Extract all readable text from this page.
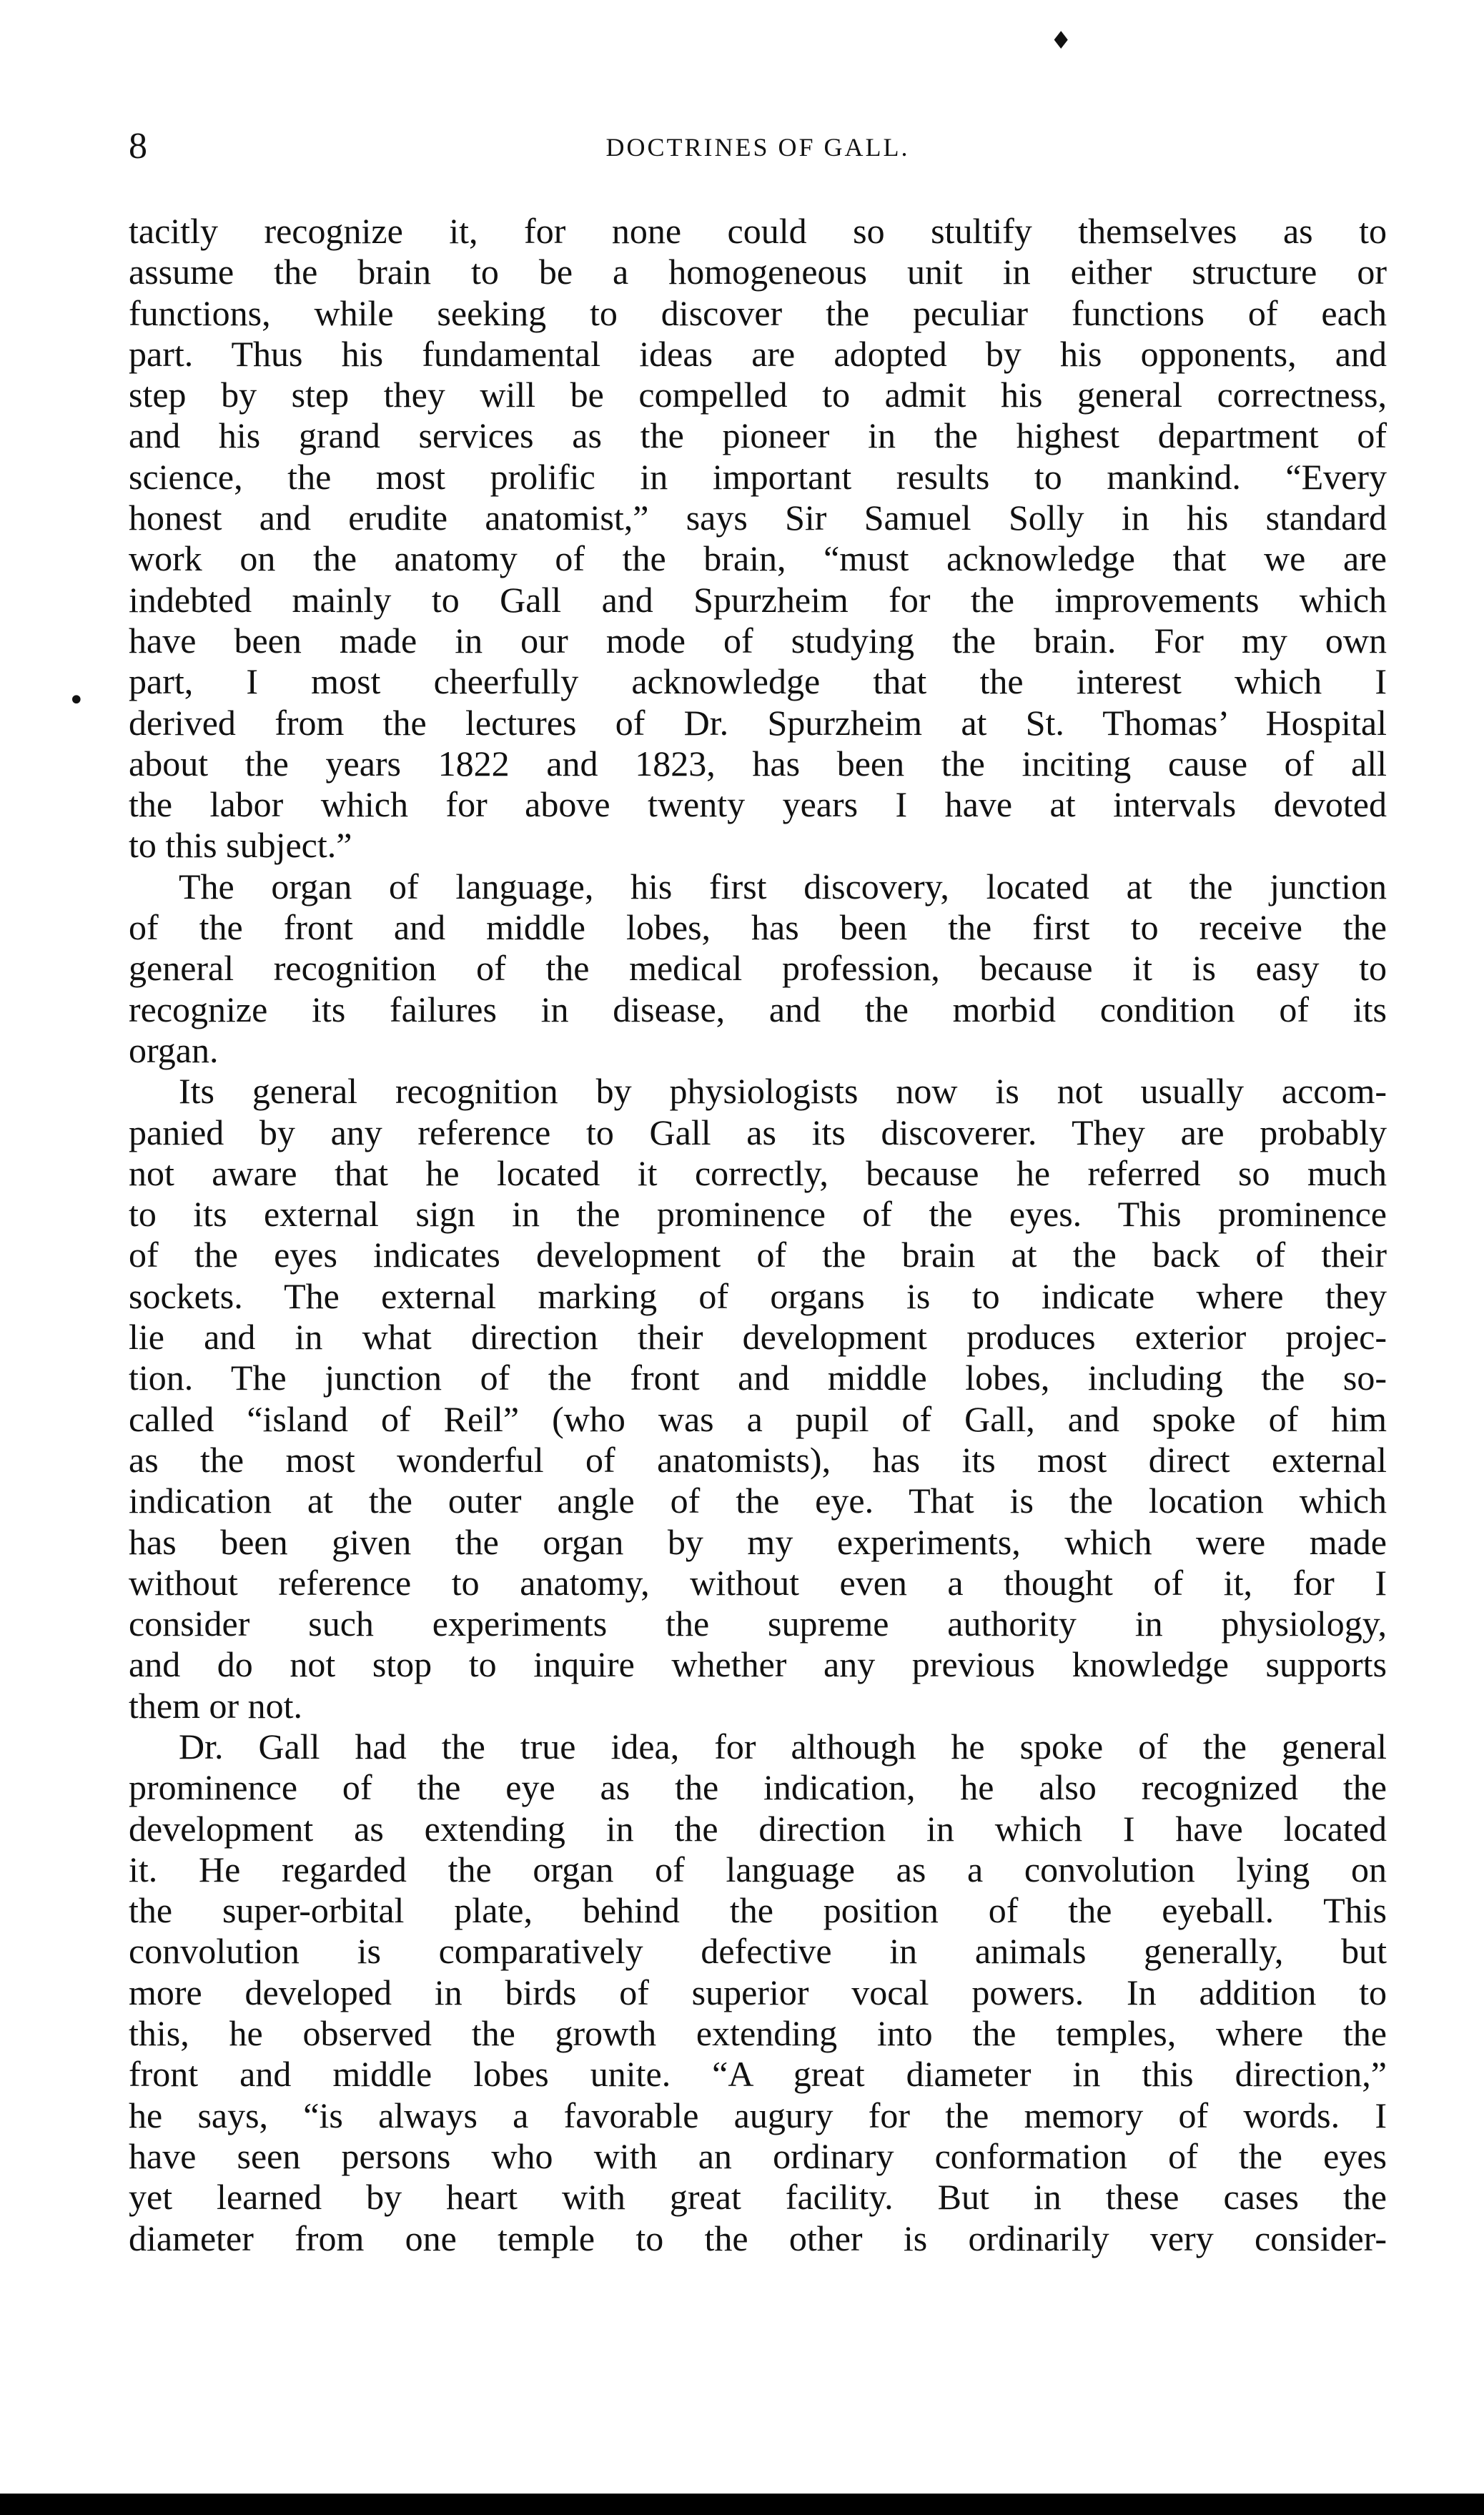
♦
8	DOCTRINES OF GALL.
•
tacitly recognize it, for none could so stultify themselves as to
assume the brain to be a homogeneous unit in either structure or
functions, while seeking to discover the peculiar functions of each
part. Thus his fundamental ideas are adopted by his opponents, and
step by step they will be compelled to admit his general correctness,
and his grand services as the pioneer in the highest department of
science, the most prolific in important results to mankind. “Every
honest and erudite anatomist,” says Sir Samuel Solly in his standard
work on the anatomy of the brain, “must acknowledge that we are
indebted mainly to Gall and Spurzheim for the improvements which
have been made in our mode of studying the brain. For my own
part, I most cheerfully acknowledge that the interest which I
derived from the lectures of Dr. Spurzheim at St. Thomas’ Hospital
about the years 1822 and 1823, has been the inciting cause of all
the labor which for above twenty years I have at intervals devoted
to this subject.”
The organ of language, his first discovery, located at the junction
of the front and middle lobes, has been the first to receive the
general recognition of the medical profession, because it is easy to
recognize its failures in disease, and the morbid condition of its
organ.
Its general recognition by physiologists now is not usually accom-
panied by any reference to Gall as its discoverer. They are probably
not aware that he located it correctly, because he referred so much
to its external sign in the prominence of the eyes. This prominence
of the eyes indicates development of the brain at the back of their
sockets. The external marking of organs is to indicate where they
lie and in what direction their development produces exterior projec-
tion. The junction of the front and middle lobes, including the so-
called “island of Reil” (who was a pupil of Gall, and spoke of him
as the most wonderful of anatomists), has its most direct external
indication at the outer angle of the eye. That is the location which
has been given the organ by my experiments, which were made
without reference to anatomy, without even a thought of it, for I
consider such experiments the supreme authority in physiology,
and do not stop to inquire whether any previous knowledge supports
them or not.
Dr. Gall had the true idea, for although he spoke of the general
prominence of the eye as the indication, he also recognized the
development as extending in the direction in which I have located
it. He regarded the organ of language as a convolution lying on
the super-orbital plate, behind the position of the eyeball. This
convolution is comparatively defective in animals generally, but
more developed in birds of superior vocal powers. In addition to
this, he observed the growth extending into the temples, where the
front and middle lobes unite. “A great diameter in this direction,”
he says, “is always a favorable augury for the memory of words. I
have seen persons who with an ordinary conformation of the eyes
yet learned by heart with great facility. But in these cases the
diameter from one temple to the other is ordinarily very consider-
